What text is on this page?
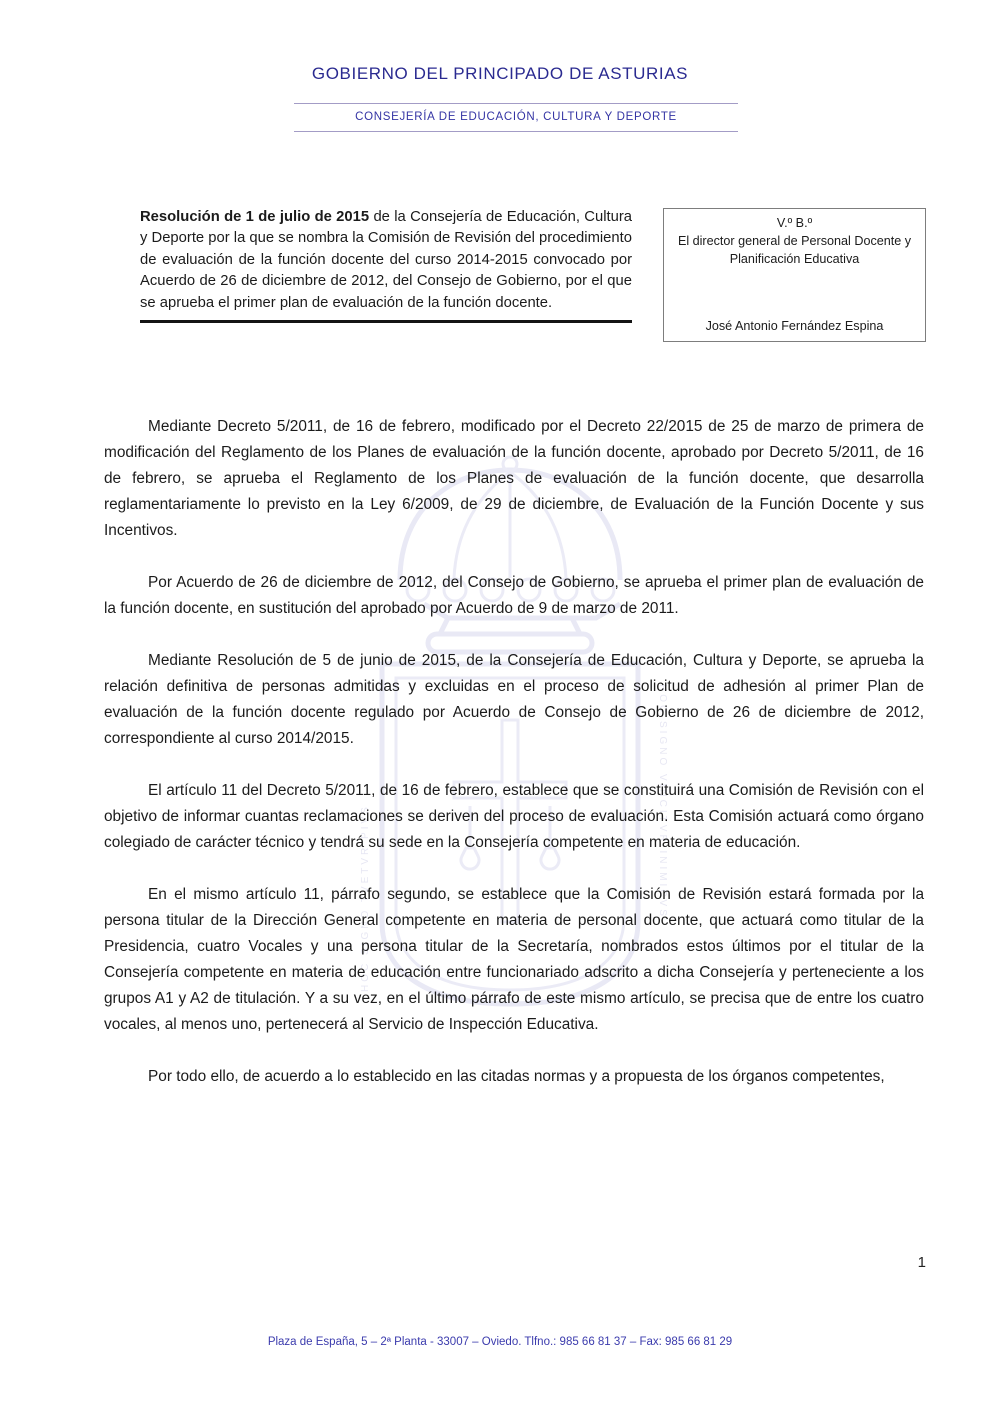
GOBIERNO DEL PRINCIPADO DE ASTURIAS
CONSEJERÍA DE EDUCACIÓN, CULTURA Y DEPORTE
HOC SIGNO TVETVR PIVS	HOC SIGNO VINCITVR INIMICVS

Resolución de 1 de julio de 2015 de la Consejería de Educación, Cultura y Deporte por la que se nombra la Comisión de Revisión del procedimiento de evaluación de la función docente del curso 2014-2015 convocado por Acuerdo de 26 de diciembre de 2012, del Consejo de Gobierno, por el que se aprueba el primer plan de evaluación de la función docente.

V.º B.º
El director general de Personal Docente y Planificación Educativa
José Antonio Fernández Espina

Mediante Decreto 5/2011, de 16 de febrero, modificado por el Decreto 22/2015 de 25 de marzo de primera de modificación del Reglamento de los Planes de evaluación de la función docente, aprobado por Decreto 5/2011, de 16 de febrero, se aprueba el Reglamento de los Planes de evaluación de la función docente, que desarrolla reglamentariamente lo previsto en la Ley 6/2009, de 29 de diciembre, de Evaluación de la Función Docente y sus Incentivos.

Por Acuerdo de 26 de diciembre de 2012, del Consejo de Gobierno, se aprueba el primer plan de evaluación de la función docente, en sustitución del aprobado por Acuerdo de 9 de marzo de 2011.

Mediante Resolución de 5 de junio de 2015, de la Consejería de Educación, Cultura y Deporte, se aprueba la relación definitiva de personas admitidas y excluidas en el proceso de solicitud de adhesión al primer Plan de evaluación de la función docente regulado por Acuerdo de Consejo de Gobierno de 26 de diciembre de 2012, correspondiente al curso 2014/2015.

El artículo 11 del Decreto 5/2011, de 16 de febrero, establece que se constituirá una Comisión de Revisión con el objetivo de informar cuantas reclamaciones se deriven del proceso de evaluación. Esta Comisión actuará como órgano colegiado de carácter técnico y tendrá su sede en la Consejería competente en materia de educación.

En el mismo artículo 11, párrafo segundo, se establece que la Comisión de Revisión estará formada por la persona titular de la Dirección General competente en materia de personal docente, que actuará como titular de la Presidencia, cuatro Vocales y una persona titular de la Secretaría, nombrados estos últimos por el titular de la Consejería competente en materia de educación entre funcionariado adscrito a dicha Consejería y perteneciente a los grupos A1 y A2 de titulación. Y a su vez, en el último párrafo de este mismo artículo, se precisa que de entre los cuatro vocales, al menos uno, pertenecerá al Servicio de Inspección Educativa.

Por todo ello, de acuerdo a lo establecido en las citadas normas y a propuesta de los órganos competentes,

1
Plaza de España, 5 – 2ª Planta - 33007 – Oviedo. Tlfno.: 985 66 81 37 – Fax: 985 66 81 29
